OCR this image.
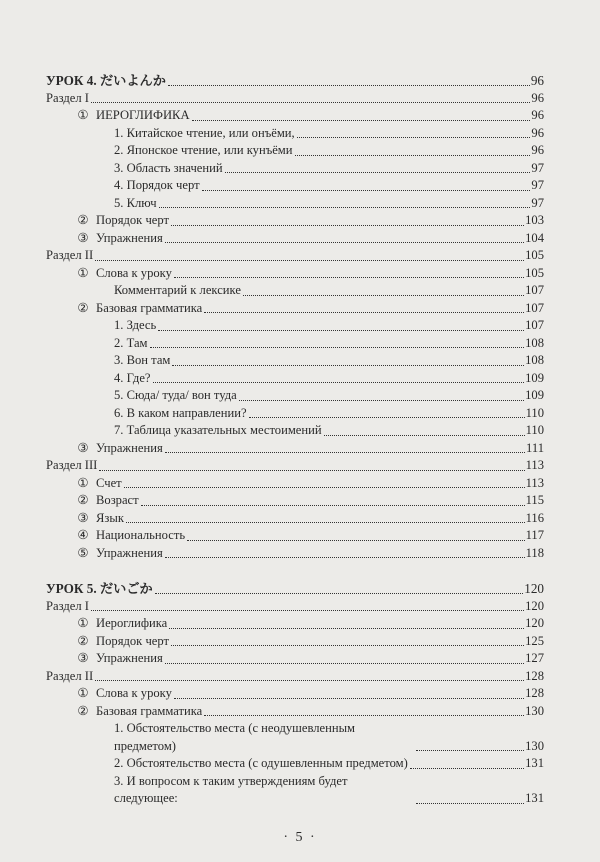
УРОК 4. だいよんか	96
Раздел I	96
① ИЕРОГЛИФИКА	96
1. Китайское чтение, или онъёми,	96
2. Японское чтение, или кунъёми	96
3. Область значений	97
4. Порядок черт	97
5. Ключ	97
② Порядок черт	103
③ Упражнения	104
Раздел II	105
① Слова к уроку	105
Комментарий к лексике	107
② Базовая грамматика	107
1. Здесь	107
2. Там	108
3. Вон там	108
4. Где?	109
5. Сюда/ туда/ вон туда	109
6. В каком направлении?	110
7. Таблица указательных местоимений	110
③ Упражнения	111
Раздел III	113
① Счет	113
② Возраст	115
③ Язык	116
④ Национальность	117
⑤ Упражнения	118
УРОК 5. だいごか	120
Раздел I	120
① Иероглифика	120
② Порядок черт	125
③ Упражнения	127
Раздел II	128
① Слова к уроку	128
② Базовая грамматика	130
1. Обстоятельство места (с неодушевленным предметом)	130
2. Обстоятельство места (с одушевленным предметом)	131
3. И вопросом к таким утверждениям будет следующее:	131
· 5 ·
